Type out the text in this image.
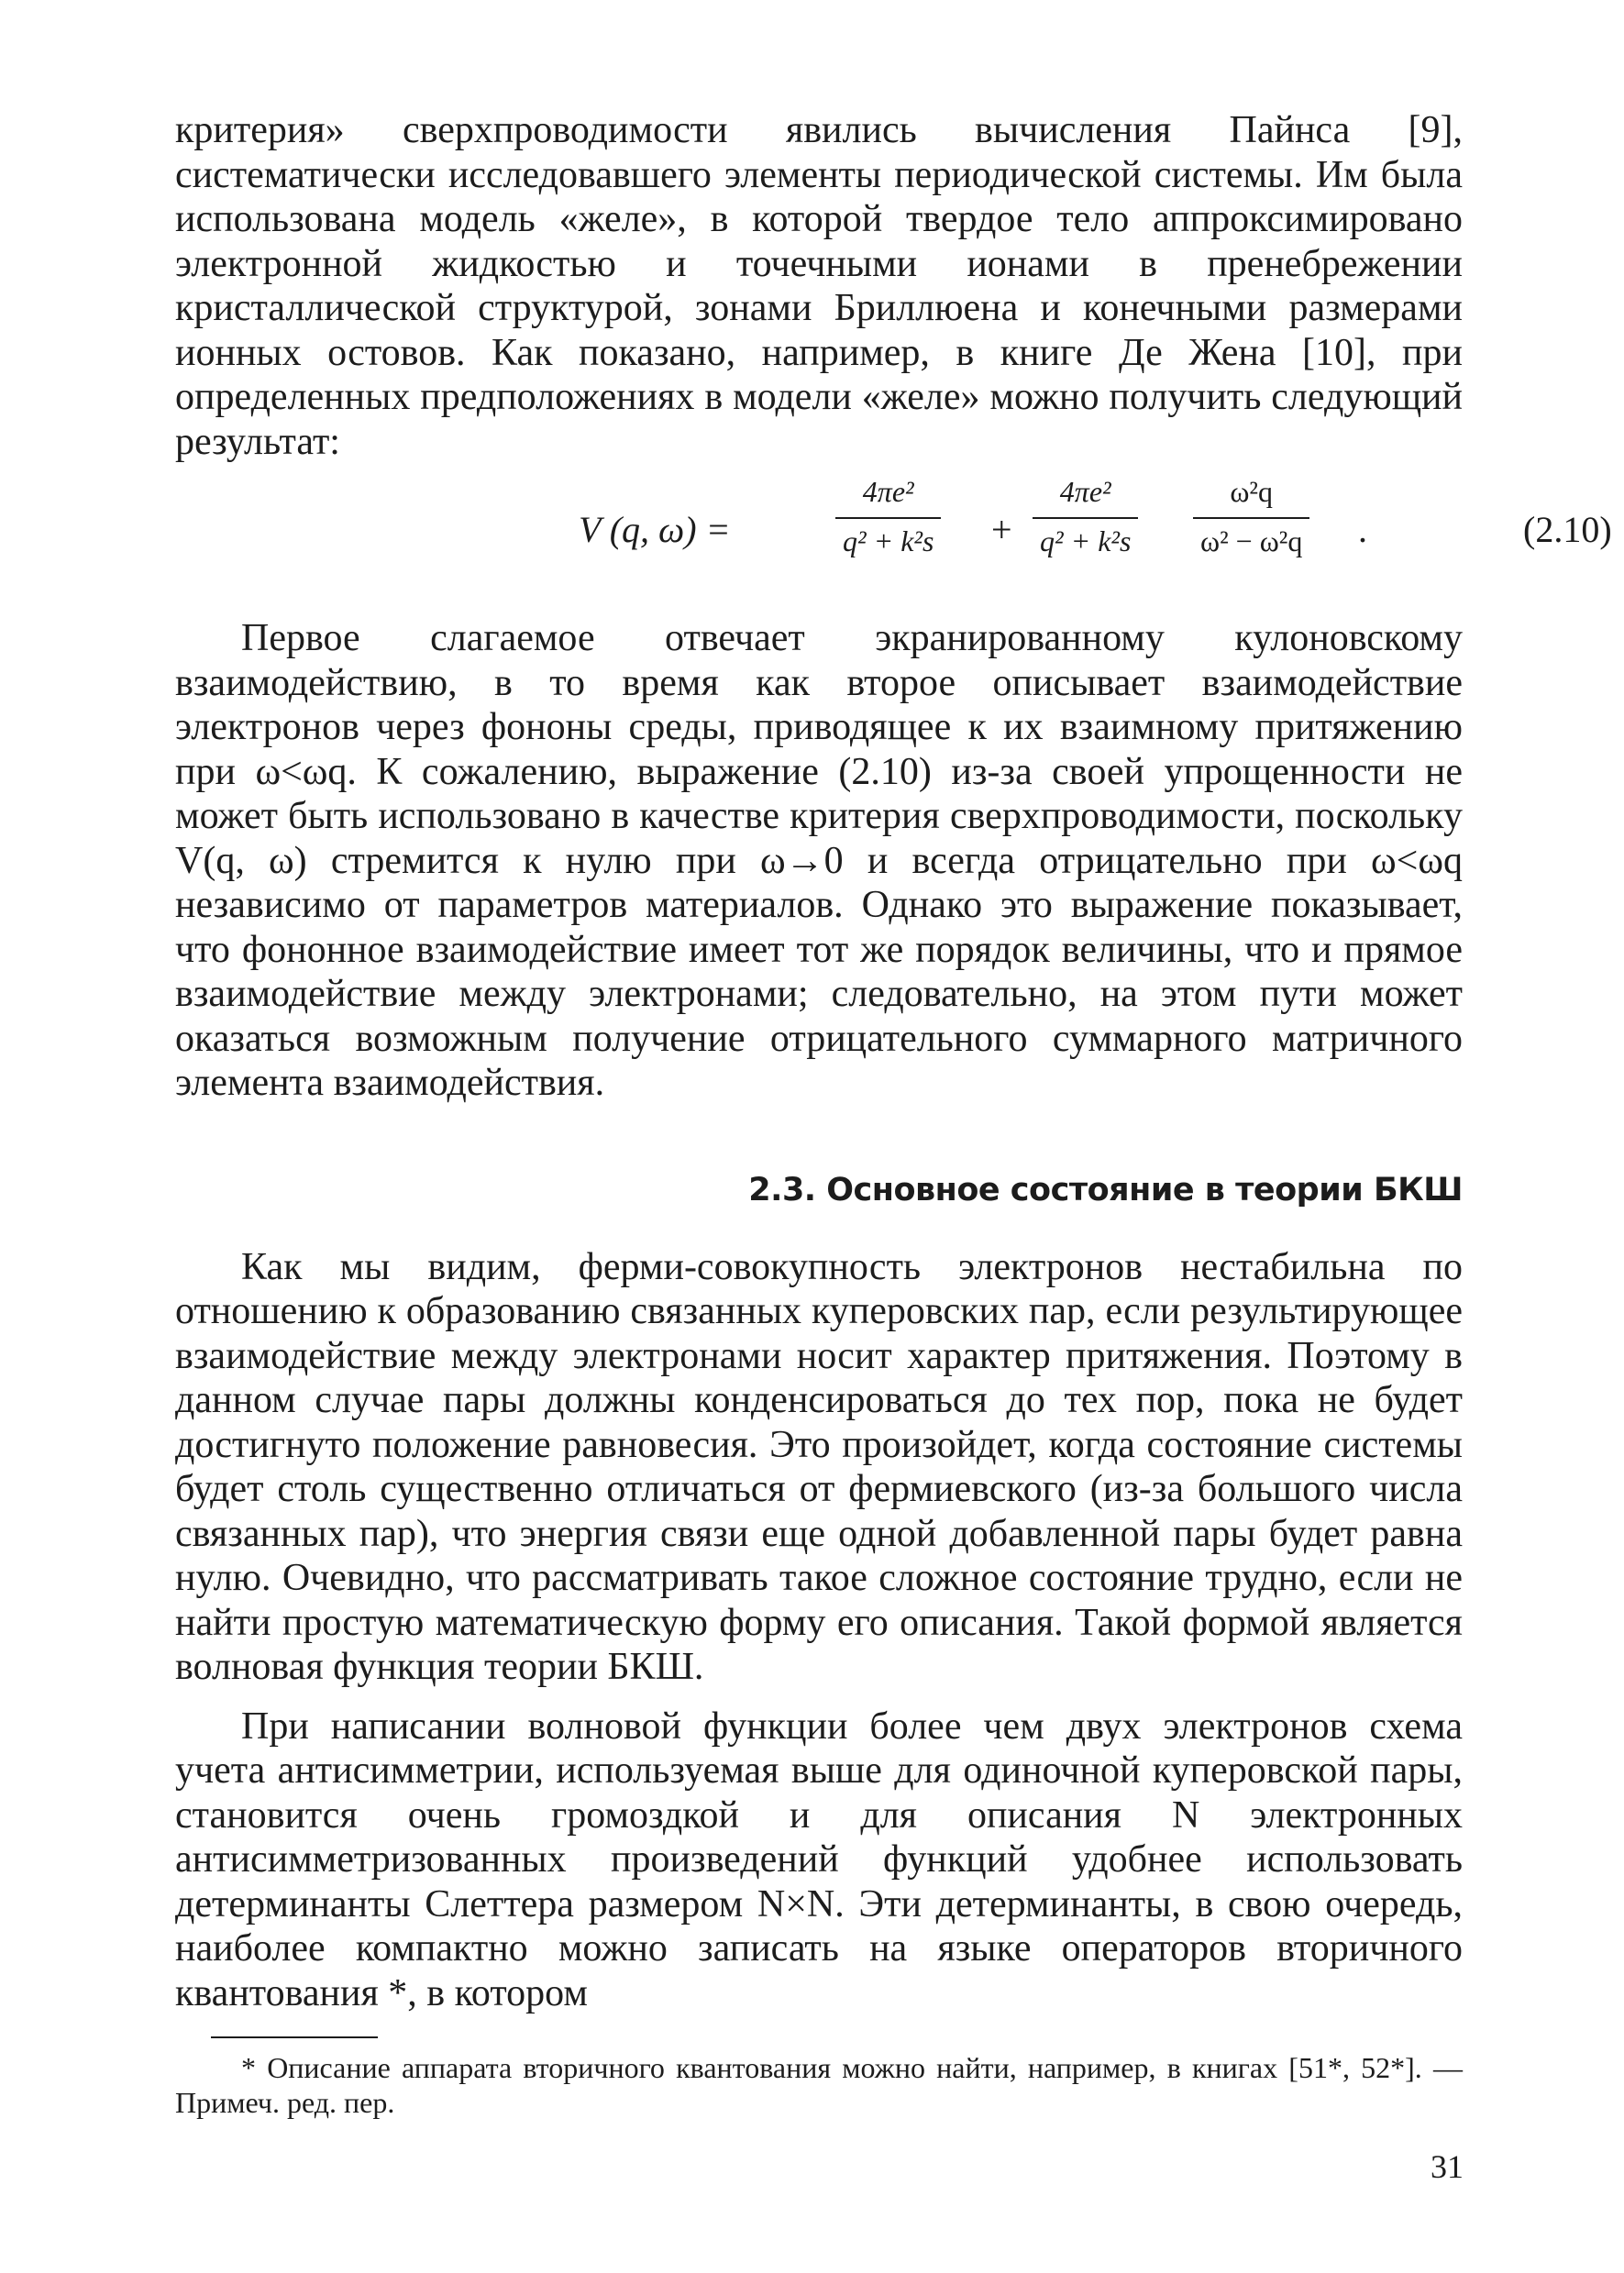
критерия» сверхпроводимости явились вычисления Пайнса [9], систематически исследовавшего элементы периодической системы. Им была использована модель «желе», в которой твердое тело аппроксимировано электронной жидкостью и точечными ионами в пренебрежении кристаллической структурой, зонами Бриллюена и конечными размерами ионных остовов. Как показано, например, в книге Де Жена [10], при определенных предположениях в модели «желе» можно получить следующий результат:

V (q, ω) =
4πe²
q² + k²s +
4πe²
q² + k²s
ω²q
ω² − ω²q .	(2.10)

Первое слагаемое отвечает экранированному кулоновскому взаимодействию, в то время как второе описывает взаимодействие электронов через фононы среды, приводящее к их взаимному притяжению при ω<ωq. К сожалению, выражение (2.10) из-за своей упрощенности не может быть использовано в качестве критерия сверхпроводимости, поскольку V(q, ω) стремится к нулю при ω→0 и всегда отрицательно при ω<ωq независимо от параметров материалов. Однако это выражение показывает, что фононное взаимодействие имеет тот же порядок величины, что и прямое взаимодействие между электронами; следовательно, на этом пути может оказаться возможным получение отрицательного суммарного матричного элемента взаимодействия.

2.3. Основное состояние в теории БКШ

Как мы видим, ферми-совокупность электронов нестабильна по отношению к образованию связанных куперовских пар, если результирующее взаимодействие между электронами носит характер притяжения. Поэтому в данном случае пары должны конденсироваться до тех пор, пока не будет достигнуто положение равновесия. Это произойдет, когда состояние системы будет столь существенно отличаться от фермиевского (из-за большого числа связанных пар), что энергия связи еще одной добавленной пары будет равна нулю. Очевидно, что рассматривать такое сложное состояние трудно, если не найти простую математическую форму его описания. Такой формой является волновая функция теории БКШ.

При написании волновой функции более чем двух электронов схема учета антисимметрии, используемая выше для одиночной куперовской пары, становится очень громоздкой и для описания N электронных антисимметризованных произведений функций удобнее использовать детерминанты Слеттера размером N×N. Эти детерминанты, в свою очередь, наиболее компактно можно записать на языке операторов вторичного квантования *, в котором

* Описание аппарата вторичного квантования можно найти, например, в книгах [51*, 52*]. — Примеч. ред. пер.

31
